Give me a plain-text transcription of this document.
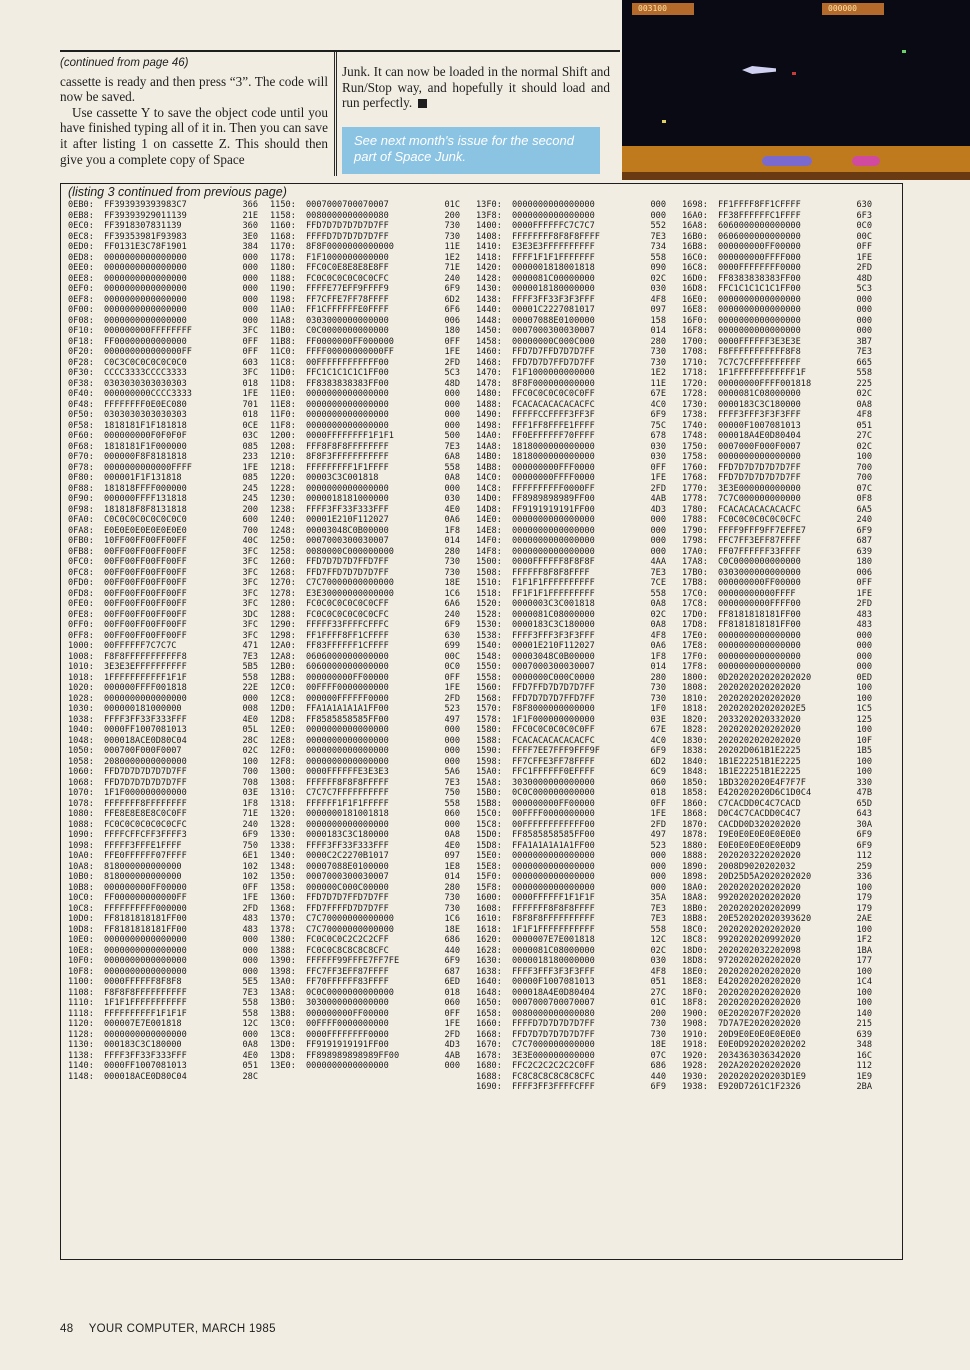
(continued from page 46)

cassette is ready and then press “3”. The code will now be saved.

Use cassette Y to save the object code until you have finished typing all of it in. Then you can save it after listing 1 on cassette Z. This should then give you a complete copy of Space

Junk. It can now be loaded in the normal Shift and Run/Stop way, and hopefully it should load and run perfectly.

See next month's issue for the second part of Space Junk.
003100	000000
(listing 3 continued from previous page)
0EB0: FF393939393983C7	366
0EB8: FF39393929011139	21E
0EC0: FF3918307831139	360
0EC8: FF39353981F93983	3E0
0ED0: FF0131E3C78F1901	384
0ED8: 0000000000000000	000
0EE0: 0000000000000000	000
0EE8: 0000000000000000	000
0EF0: 0000000000000000	000
0EF8: 0000000000000000	000
0F00: 0000000000000000	000
0F08: 0000000000000000	000
0F10: 000000000FFFFFFFF	3FC
0F18: FF00000000000000	0FF
0F20: 000000000000000FF	0FF
0F28: C0C3C0C0C0C0C0C0	603
0F30: CCCC3333CCCC3333	3FC
0F38: 0303030303030303	018
0F40: 000000000CCCC3333	1FE
0F48: FFFFFFFF0E0EC080	701
0F50: 0303030303030303	018
0F58: 1818181F1F181818	0CE
0F60: 000000000F0F0F0F	03C
0F68: 1818181F1F000000	085
0F70: 000000F8F8181818	233
0F78: 0000000000000FFFF	1FE
0F80: 000001F1F131818	085
0F88: 181818FFFF000000	245
0F90: 000000FFFF131818	245
0F98: 181818F8F8131818	200
0FA0: C0C0C0C0C0C0C0C0	600
0FA8: E0E0E0E0E0E0E0E0	700
0FB0: 10FF00FF00FF00FF	40C
0FB8: 00FF00FF00FF00FF	3FC
0FC0: 00FF00FF00FF00FF	3FC
0FC8: 00FF00FF00FF00FF	3FC
0FD0: 00FF00FF00FF00FF	3FC
0FD8: 00FF00FF00FF00FF	3FC
0FE0: 00FF00FF00FF00FF	3FC
0FE8: 00FF00FF00FF00FF	3DC
0FF0: 00FF00FF00FF00FF	3FC
0FF8: 00FF00FF00FF00FF	3FC
1000: 00FFFFFF7C7C7C	471
1008: F8F8FFFFFFFFFFF8	7E3
1010: 3E3E3EFFFFFFFFFF	5B5
1018: 1FFFFFFFFFFF1F1F	558
1020: 000000FFFF001818	22E
1028: 0000000000000000	000
1030: 000000181000000	008
1038: FFFF3FF33F333FFF	4E0
1040: 0000FF1007081013	05L
1048: 000018ACE0D80C04	28C
1050: 000700F000F0007	02C
1058: 2080000000000000	100
1060: FFD7D7D7D7D7D7FF	700
1068: FFD7D7D7D7D7D7FF	708
1070: 1F1F000000000000	03E
1078: FFFFFFF8FFFFFFFF	1F8
1080: FFE8E8E8E8C0C0FF	71E
1088: FC0C0C0C0C0C0CFC	240
1090: FFFFCFFCFF3FFFF3	6F9
1098: FFFFF3FFFE1FFFF	750
10A0: FFE0FFFFFF07FFFF	6E1
10A8: 818000000000000	102
10B0: 818000000000000	102
10B8: 000000000FF00000	0FF
10C0: FF000000000000FF	1FE
10C8: FFFFFFFFFF000000	2FD
10D0: FF8181818181FF00	483
10D8: FF8181818181FF00	483
10E0: 0000000000000000	000
10E8: 0000000000000000	000
10F0: 0000000000000000	000
10F8: 0000000000000000	000
1100: 0000FFFFFF8F8F8	5E5
1108: F8F8F8FFFFFFFFFF	7E3
1110: 1F1F1FFFFFFFFFFF	558
1118: FFFFFFFFFF1F1F1F	558
1120: 000007E7E001818	12C
1128: 0000000000000000	000
1130: 000183C3C180000	0A8
1138: FFFF3FF33F333FFF	4E0
1140: 0000FF1007081013	051
1148: 000018ACE0D80C04	28C
1150: 0007000700070007	01C
1158: 0080000000000080	200
1160: FFD7D7D7D7D7D7FF	730
1168: FFFFD7D7D7D7D7FF	730
1170: 8F8F0000000000000	11E
1178: F1F1000000000000	1E2
1180: FFC0C0E8E8E8E8FF	71E
1188: FC0C0C0C0C0C0CFC	240
1190: FFFFE77EFF9FFFF9	6F9
1198: FF7CFFE7FF78FFFF	6D2
11A0: FF1CFFFFFFE0FFFF	6F6
11A8: 0303000000000000	006
11B0: C0C0000000000000	180
11B8: FF0000000FF000000	0FF
11C0: FFFF00000000000FF	1FE
11C8: 00FFFFFFFFFFFF00	2FD
11D0: FFC1C1C1C1C1FF00	5C3
11D8: FF8383838383FF00	48D
11E0: 0000000000000000	000
11E8: 0000000000000000	000
11F0: 0000000000000000	000
11F8: 0000000000000000	000
1200: 0000FFFFFFFF1F1F1	500
1208: FFF8F8F8FFFFFFFF	7E3
1210: 8F8F3FFFFFFFFFFF	6A8
1218: FFFFFFFFF1F1FFFF	558
1220: 00003C3C001818	0A8
1228: 0000000000000000	000
1230: 0000018181000000	030
1238: FFFF3FF33F333FFF	4E0
1240: 00001E210F112027	0A6
1248: 00003048C0B00000	1F8
1250: 0007000300030007	014
1258: 0080000C000000000	280
1260: FFD7D7D7D7FFD7FF	730
1268: FFD7FFD7D7D7D7FF	730
1270: C7C70000000000000	18E
1278: E3E30000000000000	1C6
1280: FC0C0C0C0C0C0CFF	6A6
1288: FC0C0C0C0C0C0CFC	240
1290: FFFFF33FFFFCFFFC	6F9
1298: FF1FFFF8FF1CFFFF	630
12A0: FF83FFFFFF1CFFFF	699
12A8: 0606000000000000	00C
12B0: 6060000000000000	0C0
12B8: 000000000FF00000	0FF
12C0: 00FFFF0000000000	1FE
12C8: 000000FFFFFF0000	2FD
12D0: FFA1A1A1A1A1FF00	523
12D8: FF8585858585FF00	497
12E0: 0000000000000000	000
12E8: 0000000000000000	000
12F0: 0000000000000000	000
12F8: 0000000000000000	000
1300: 0000FFFFFFE3E3E3	5A6
1308: FFFFFF8F8F8FFFFF	7E3
1310: C7C7C7FFFFFFFFFF	750
1318: FFFFFF1F1F1FFFFF	558
1320: 0000000181001818	060
1328: 0000000000000000	000
1330: 0000183C3C180000	0A8
1338: FFFF3FF33F333FFF	4E0
1340: 0000C2C2270B1017	097
1348: 00007088E0100000	1E8
1350: 0007000300030007	014
1358: 000000C000C00000	280
1360: FFD7D7D7FFD7D7FF	730
1368: FFD7FFFFD7D7D7FF	730
1370: C7C70000000000000	1C6
1378: C7C70000000000000	18E
1380: FC0C0C0C2C2C2CFF	686
1388: FC0C0C8C8C8C8CFC	440
1390: FFFFFF99FFFE7FF7FE	6F9
1398: FFC7FF3EFF87FFFF	687
13A0: FF70FFFFFF83FFFF	6ED
13A8: 0C0C0000000000000	018
13B0: 3030000000000000	060
13B8: 000000000FF00000	0FF
13C0: 00FFFF0000000000	1FE
13C8: 0000FFFFFFFF0000	2FD
13D0: FF9191919191FF00	4D3
13D8: FF898989898989FF00	4AB
13E0: 0000000000000000	000
13F0: 0000000000000000	000
13F8: 0000000000000000	000
1400: 0000FFFFFFC7C7C7	552
1408: FFFFFFFF8F8F8FFFF	7E3
1410: E3E3E3FFFFFFFFFF	734
1418: FFFF1F1F1FFFFFFF	558
1420: 0000001818001818	090
1428: 0000081C00000000	02C
1430: 0000018180000000	030
1438: FFFF3FF33F3F3FFF	4F8
1440: 00001C2227081017	097
1448: 00007088E0100000	158
1450: 0007000300030007	014
1458: 00000000C000C000	280
1460: FFD7D7FFD7D7D7FF	730
1468: FFD7D7D7FFD7D7FF	730
1470: F1F1000000000000	1E2
1478: 8F8F000000000000	11E
1480: FFC0C0C0C0C0C0FF	67E
1488: FCACACACACACACFC	4C0
1490: FFFFFCCFFFF3FF3F	6F9
1498: FFF1FF8FFFE1FFFF	75C
14A0: FF0EFFFFFF70FFFF	678
14A8: 1818000000000000	030
14B0: 1818000000000000	030
14B8: 000000000FFF0000	0FF
14C0: 00000000FFFF0000	1FE
14C8: FFFFFFFFFF0000FF	2FD
14D0: FF8989898989FF00	4AB
14D8: FF9191919191FF00	4D3
14E0: 0000000000000000	000
14E8: 0000000000000000	000
14F0: 0000000000000000	000
14F8: 0000000000000000	000
1500: 0000FFFFFF8F8F8F	4AA
1508: FFFFFF8F8F8FFFF	7E3
1510: F1F1F1FFFFFFFFFF	7CE
1518: FF1F1F1FFFFFFFFF	558
1520: 0000003C3C001818	0A8
1528: 0000081C08000000	02C
1530: 0000183C3C180000	0A8
1538: FFFF3FFF3F3F3FFF	4F8
1540: 00001E210F112027	0A6
1548: 00003048C0B00000	1F8
1550: 0007000300030007	014
1558: 0000000C000C0000	280
1560: FFD7FFD7D7D7D7FF	730
1568: FFD7D7D7D7FFD7FF	730
1570: F8F8000000000000	1F0
1578: 1F1F000000000000	03E
1580: FFC0C0C0C0C0C0FF	67E
1588: FCACACACACACACFC	4C0
1590: FFFF7EE7FFF9FFF9F	6F9
1598: FF7CFFE3FF78FFFF	6D2
15A0: FFC1FFFFFF0EFFFF	6C9
15A8: 3030000000000000	060
15B0: 0C0C000000000000	018
15B8: 000000000FF00000	0FF
15C0: 00FFFF0000000000	1FE
15C8: 00FFFFFFFFFFFF00	2FD
15D0: FF8585858585FF00	497
15D8: FFA1A1A1A1A1FF00	523
15E0: 0000000000000000	000
15E8: 0000000000000000	000
15F0: 0000000000000000	000
15F8: 0000000000000000	000
1600: 0000FFFFFF1F1F1F	35A
1608: FFFFFFF8F8F8FFFF	7E3
1610: F8F8F8FFFFFFFFFF	7E3
1618: 1F1F1FFFFFFFFFFF	558
1620: 0000007E7E001818	12C
1628: 0000081C08000000	02C
1630: 0000018180000000	030
1638: FFFF3FFF3F3F3FFF	4F8
1640: 00000F1007081013	051
1648: 000018A4E0D80404	27C
1650: 0007000700070007	01C
1658: 0080000000000080	200
1660: FFFFD7D7D7D7D7FF	730
1668: FFD7D7D7D7D7D7FF	730
1670: C7C7000000000000	18E
1678: 3E3E000000000000	07C
1680: FFC2C2C2C2C2C0FF	686
1688: FC8C8C8C8C8C8CFC	440
1690: FFFF3FF3FFFFCFFF	6F9
1698: FF1FFFF8FF1CFFFF	630
16A0: FF38FFFFFFC1FFFF	6F3
16A8: 6060000000000000	0C0
16B0: 0606000000000000	00C
16B8: 000000000FF00000	0FF
16C0: 000000000FFFF000	1FE
16C8: 0000FFFFFFFF0000	2FD
16D0: FF8383838383FF00	48D
16D8: FFC1C1C1C1C1FF00	5C3
16E0: 0000000000000000	000
16E8: 0000000000000000	000
16F0: 0000000000000000	000
16F8: 0000000000000000	000
1700: 0000FFFFFF3E3E3E	3B7
1708: F8FFFFFFFFFFF8F8	7E3
1710: 7C7C7CFFFFFFFFFF	665
1718: 1F1FFFFFFFFFFFF1F	558
1720: 00000000FFFF001818	225
1728: 0000081C08000000	02C
1730: 0000183C3C180000	0A8
1738: FFFF3FFF3F3F3FFF	4F8
1740: 00000F1007081013	051
1748: 000018A4E0D80404	27C
1750: 0007000F000F0007	02C
1758: 0000000000000000	100
1760: FFD7D7D7D7D7D7FF	700
1768: FFD7D7D7D7D7D7FF	700
1770: 3E3E000000000000	07C
1778: 7C7C000000000000	0F8
1780: FCACACACACACACFC	6A5
1788: FC0C0C0C0C0C0CFC	240
1790: FFFF9FFF9FF7EFFE7	6F9
1798: FFC7FF3EFF87FFFF	687
17A0: FF07FFFFFF33FFFF	639
17A8: C0C0000000000000	180
17B0: 0303000000000000	006
17B8: 000000000FF00000	0FF
17C0: 00000000000FFFF	1FE
17C8: 0000000000FFFF00	2FD
17D0: FF8181818181FF00	483
17D8: FF8181818181FF00	483
17E0: 0000000000000000	000
17E8: 0000000000000000	000
17F0: 0000000000000000	000
17F8: 0000000000000000	000
1800: 0D2020202020202020	0ED
1808: 2020202020202020	100
1810: 2020202020202020	100
1818: 202020202020202E5	1C5
1820: 2033202020332020	125
1828: 2020202020202020	100
1830: 2020202020202020	10F
1838: 20202D061B1E2225	1B5
1840: 1B1E22251B1E2225	100
1848: 1B1E22251B1E2225	100
1850: 1BD3202020E4F7F7F	330
1858: E420202020D6C1D0C4	47B
1860: C7CACDD0C4C7CACD	65D
1868: D0C4C7CACDD0C4C7	643
1870: CACDD0D320202020	30A
1878: I9E0E0E0E0E0E0E0	6F9
1880: E0E0E0E0E0E0E0D9	6F9
1888: 2020203220202020	112
1890: 2008D9020202032	259
1898: 20D25D5A2020202020	336
18A0: 2020202020202020	100
18A8: 9920202020202020	179
18B0: 2020202020202099	179
18B8: 20E520202020393620	2AE
18C0: 2020202020202020	100
18C8: 9920202020992020	1F2
18D0: 2020202032202098	1BA
18D8: 9720202020202020	177
18E0: 2020202020202020	100
18E8: E420202020202020	1C4
18F0: 2020202020202020	100
18F8: 2020202020202020	100
1900: 0E2020207F202020	140
1908: 7D7A7E2020202020	215
1910: 20D9E0E0E0E0E0E0	639
1918: E0E0D920202020202	348
1920: 2034363036342020	16C
1928: 202A202020202020	112
1930: 2020202020203D1E9	1E9
1938: E920D7261C1F2326	2BA
48 YOUR COMPUTER, MARCH 1985
